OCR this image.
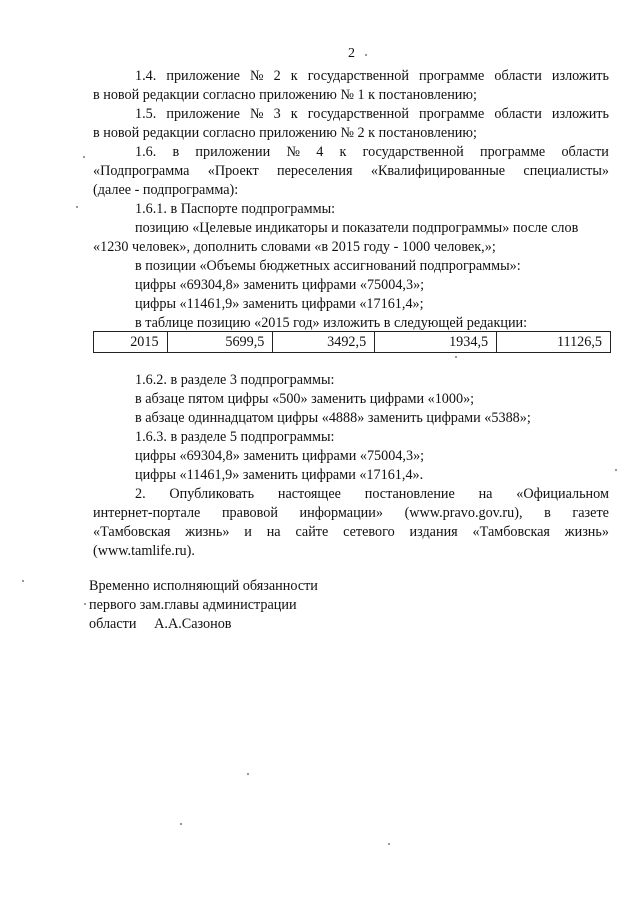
2
1.4. приложение № 2 к государственной программе области изложить
в новой редакции согласно приложению № 1 к постановлению;
1.5. приложение № 3 к государственной программе области изложить
в новой редакции согласно приложению № 2 к постановлению;
1.6. в приложении № 4 к государственной программе области
«Подпрограмма «Проект переселения «Квалифицированные специалисты»
(далее - подпрограмма):
1.6.1. в Паспорте подпрограммы:
позицию «Целевые индикаторы и показатели подпрограммы» после слов
«1230 человек», дополнить словами «в 2015 году - 1000 человек,»;
в позиции «Объемы бюджетных ассигнований подпрограммы»:
цифры «69304,8» заменить цифрами «75004,3»;
цифры «11461,9» заменить цифрами «17161,4»;
в таблице позицию «2015 год» изложить в следующей редакции:
2015	5699,5	3492,5	1934,5	11126,5
1.6.2. в разделе 3 подпрограммы:
в абзаце пятом цифры «500» заменить цифрами «1000»;
в абзаце одиннадцатом цифры «4888» заменить цифрами «5388»;
1.6.3. в разделе 5 подпрограммы:
цифры «69304,8» заменить цифрами «75004,3»;
цифры «11461,9» заменить цифрами «17161,4».
2. Опубликовать настоящее постановление на «Официальном
интернет-портале правовой информации» (www.pravo.gov.ru), в газете
«Тамбовская жизнь» и на сайте сетевого издания «Тамбовская жизнь»
(www.tamlife.ru).
Временно исполняющий обязанности
первого зам.главы администрации
области     А.А.Сазонов
